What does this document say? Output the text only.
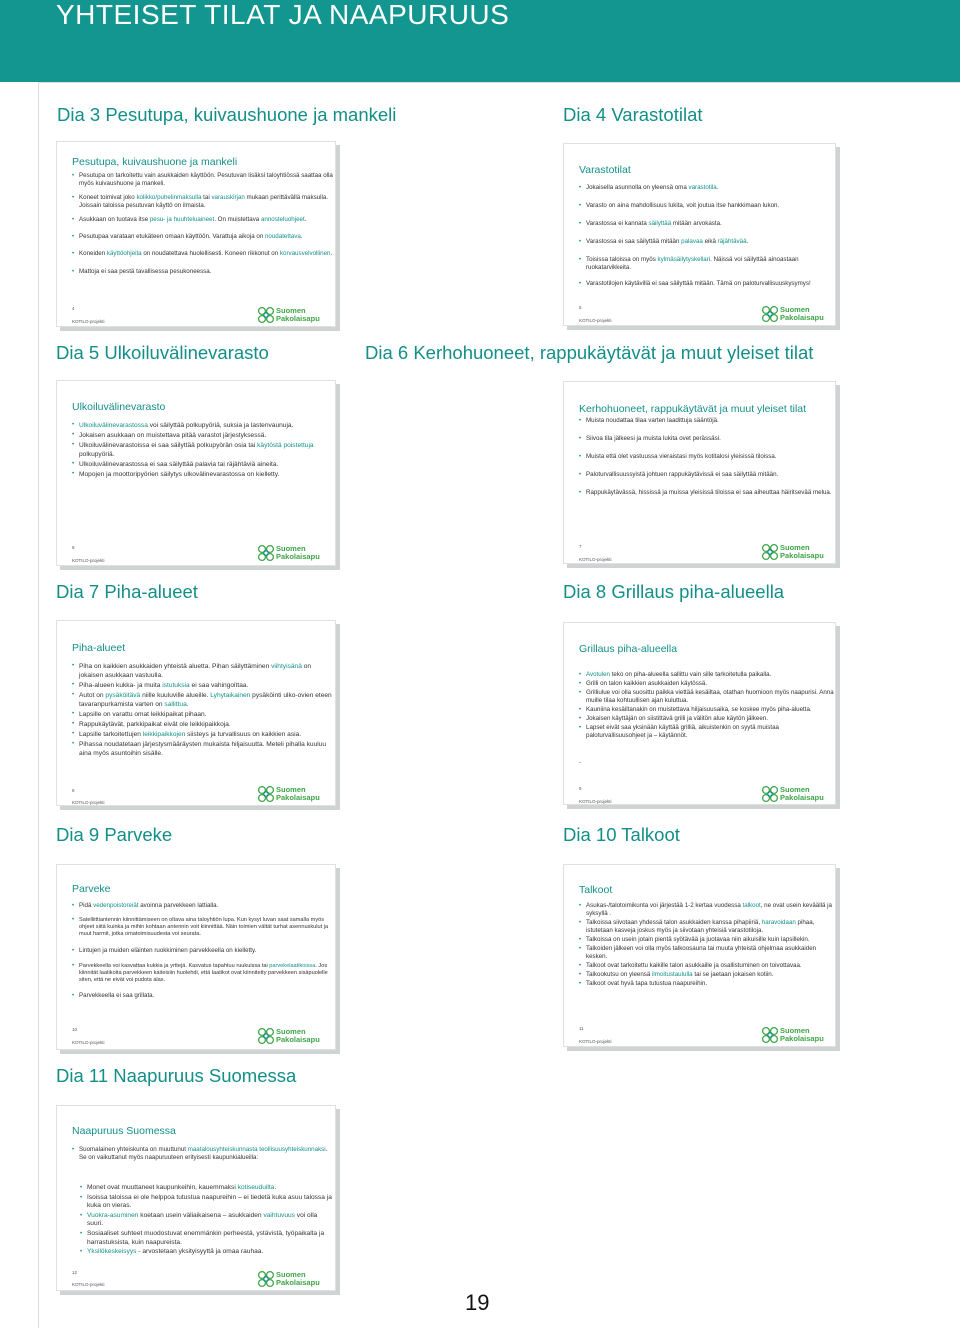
YHTEISET TILAT JA NAAPURUUS
Dia 3 Pesutupa, kuivaushuone ja mankeli
Pesutupa, kuivaushuone ja mankeli
• Pesutupa on tarkoitettu vain asukkaiden käyttöön. Pesutuvan lisäksi taloyhtiössä saattaa olla myös kuivaushuone ja mankeli.
• Koneet toimivat joko kolikko/puhelinmaksulla tai varauskirjan mukaan perittävällä maksulla. Joissain taloissa pesutuvan käyttö on ilmaista.
• Asukkaan on tuotava itse pesu- ja huuhteluaineet. On muistettava annosteluohjeet.
• Pesutupaa varataan etukäteen omaan käyttöön. Varattuja aikoja on noudatettava.
• Koneiden käyttöohjeita on noudatettava huolellisesti. Koneen rikkonut on korvausvelvollinen.
• Mattoja ei saa pestä tavallisessa pesukoneessa.
4
KOTILO-projekti
Suomen
Pakolaisapu
Dia 4 Varastotilat
Varastotilat
• Jokaisella asunnolla on yleensä oma varastotila.
• Varasto on aina mahdollisuus lukita, voit joutua itse hankkimaan lukon.
• Varastossa ei kannata säilyttää mitään arvokasta.
• Varastossa ei saa säilyttää mitään palavaa eikä räjähtävää.
• Toisissa taloissa on myös kylmäsäilytyskellari. Näissä voi säilyttää ainoastaan ruokatarvikkeita.
• Varastotilojen käytävillä ei saa säilyttää mitään. Tämä on paloturvallisuuskysymys!
5
KOTILO-projekti
Suomen
Pakolaisapu
Dia 5 Ulkoiluvälinevarasto
Ulkoiluvälinevarasto
• Ulkoiluvälinevarastossa voi säilyttää polkupyöriä, suksia ja lastenvaunuja.
• Jokaisen asukkaan on muistettava pitää varastot järjestyksessä.
• Ulkoiluvälinevarastoissa ei saa säilyttää polkupyörän osia tai käytöstä poistettuja polkupyöriä.
• Ulkoiluvälinevarastossa ei saa säilyttää palavia tai räjähtäviä aineita.
• Mopojen ja moottoripyörien säilytys ulkovälinevarastossa on kielletty.
6
KOTILO-projekti
Suomen
Pakolaisapu
Dia 6 Kerhohuoneet, rappukäytävät ja muut yleiset tilat
Kerhohuoneet, rappukäytävät ja muut yleiset tilat
• Muista noudattaa tilaa varten laadittuja sääntöjä.
• Siivoa tila jälkeesi ja muista lukita ovet perässäsi.
• Muista että olet vastuussa vieraistasi myös kotitalosi yleisissä tiloissa.
• Paloturvallisuussyistä johtuen rappukäytävissä ei saa säilyttää mitään.
• Rappukäytävässä, hississä ja muissa yleisissä tiloissa ei saa aiheuttaa häiritsevää melua.
7
KOTILO-projekti
Suomen
Pakolaisapu
Dia 7 Piha-alueet
Piha-alueet
• Piha on kaikkien asukkaiden yhteistä aluetta. Pihan säilyttäminen viihtyisänä on jokaisen asukkaan vastuulla.
• Piha-alueen kukka- ja muita istutuksia ei saa vahingoittaa.
• Autot on pysäköitävä niille kuuluville alueille. Lyhytaikainen pysäköinti ulko-ovien eteen tavaranpurkamista varten on sallittua.
• Lapsille on varattu omat leikkipaikat pihaan.
• Rappukäytävät, parkkipaikat eivät ole leikkipaikkoja.
• Lapsille tarkoitettujen leikkipaikkojen siisteys ja turvallisuus on kaikkien asia.
• Pihassa noudatetaan järjestysmääräysten mukaista hiljaisuutta. Meteli pihalla kuuluu aina myös asuntoihin sisälle.
8
KOTILO-projekti
Suomen
Pakolaisapu
Dia 8 Grillaus piha-alueella
Grillaus piha-alueella
• Avotulen teko on piha-alueella sallittu vain sille tarkoitetulla paikalla.
• Grilli on talon kaikkien asukkaiden käytössä.
• Grilliulue voi olla suosittu paikka viettää kesäiltaa, otathan huomioon myös naapurisi. Anna muille tilaa kohtuullisen ajan kuluttua.
• Kauniina kesäiltanakin on muistettava hiljaisuusaika, se koskee myös piha-aluetta.
• Jokaisen käyttäjän on siistittävä grilli ja välitön alue käytön jälkeen.
• Lapset eivät saa yksinään käyttää grilliä, aikuistenkin on syytä muistaa paloturvallisuusohjeet ja – käytännöt.
-
9
KOTILO-projekti
Suomen
Pakolaisapu
Dia 9 Parveke
Parveke
• Pidä vedenpoistoreiät avoinna parvekkeen lattialla.
• Satelliittiantennin kiinnittämiseen on oltava aina taloyhtiön lupa. Kun kysyt luvan saat samalla myös ohjeet siitä kuinka ja mihin kohtaan antennin voit kiinnittää. Näin toimien vältät turhat asennuskulut ja muut harmit, jotka omatoimisuudesta voi seurata.
• Lintujen ja muiden eläinten ruokkiminen parvekkeella on kielletty.
• Parvekkeella voi kasvattaa kukkia ja yrttejä. Kasvatus tapahtuu ruukuissa tai parvekelaatikoissa. Jos kiinnität laatikoita parvekkeen kaiteisiin huolehdi, että laatikot ovat kiinnitetty parvekkeen sisäpuolelle siten, että ne eivät voi pudota alas.
• Parvekkeella ei saa grillata.
10
KOTILO-projekti
Suomen
Pakolaisapu
Dia 10 Talkoot
Talkoot
• Asukas-/talotoimikunta voi järjestää 1-2 kertaa vuodessa talkoot, ne ovat usein keväällä ja syksyllä .
• Talkoissa siivotaan yhdessä talon asukkaiden kanssa pihapiiriä, haravoidaan pihaa, istutetaan kasveja joskus myös ja siivotaan yhteisiä varastotiloja.
• Talkoissa on usein jotain pientä syötävää ja juotavaa niin aikuisille kuin lapsillekin.
• Talkoiden jälkeen voi olla myös talkoosauna tai muuta yhteistä ohjelmaa asukkaiden kesken.
• Talkoot ovat tarkoitettu kaikille talon asukkaille ja osallistuminen on toivottavaa.
• Talkookutsu on yleensä ilmoitustaululla tai se jaetaan jokaisen kotiin.
• Talkoot ovat hyvä tapa tutustua naapureihin.
11
KOTILO-projekti
Suomen
Pakolaisapu
Dia 11 Naapuruus Suomessa
Naapuruus Suomessa
• Suomalainen yhteiskunta on muuttunut maatalousyhteiskunnasta teollisuusyhteiskunnaksi. Se on vaikuttanut myös naapuruuteen erityisesti kaupunkialueilla:
• Monet ovat muuttaneet kaupunkeihin, kauemmaksi kotiseuduilta.
• Isoissa taloissa ei ole helppoa tutustua naapureihin – ei tiedetä kuka asuu talossa ja kuka on vieras.
• Vuokra-asuminen koetaan usein väliaikaisena – asukkaiden vaihtuvuus voi olla suuri.
• Sosiaaliset suhteet muodostuvat enemmänkin perheestä, ystävistä, työpaikalta ja harrastuksista, kuin naapureista.
• Yksilökeskeisyys - arvostetaan yksityisyyttä ja omaa rauhaa.
12
KOTILO-projekti
Suomen
Pakolaisapu
19
